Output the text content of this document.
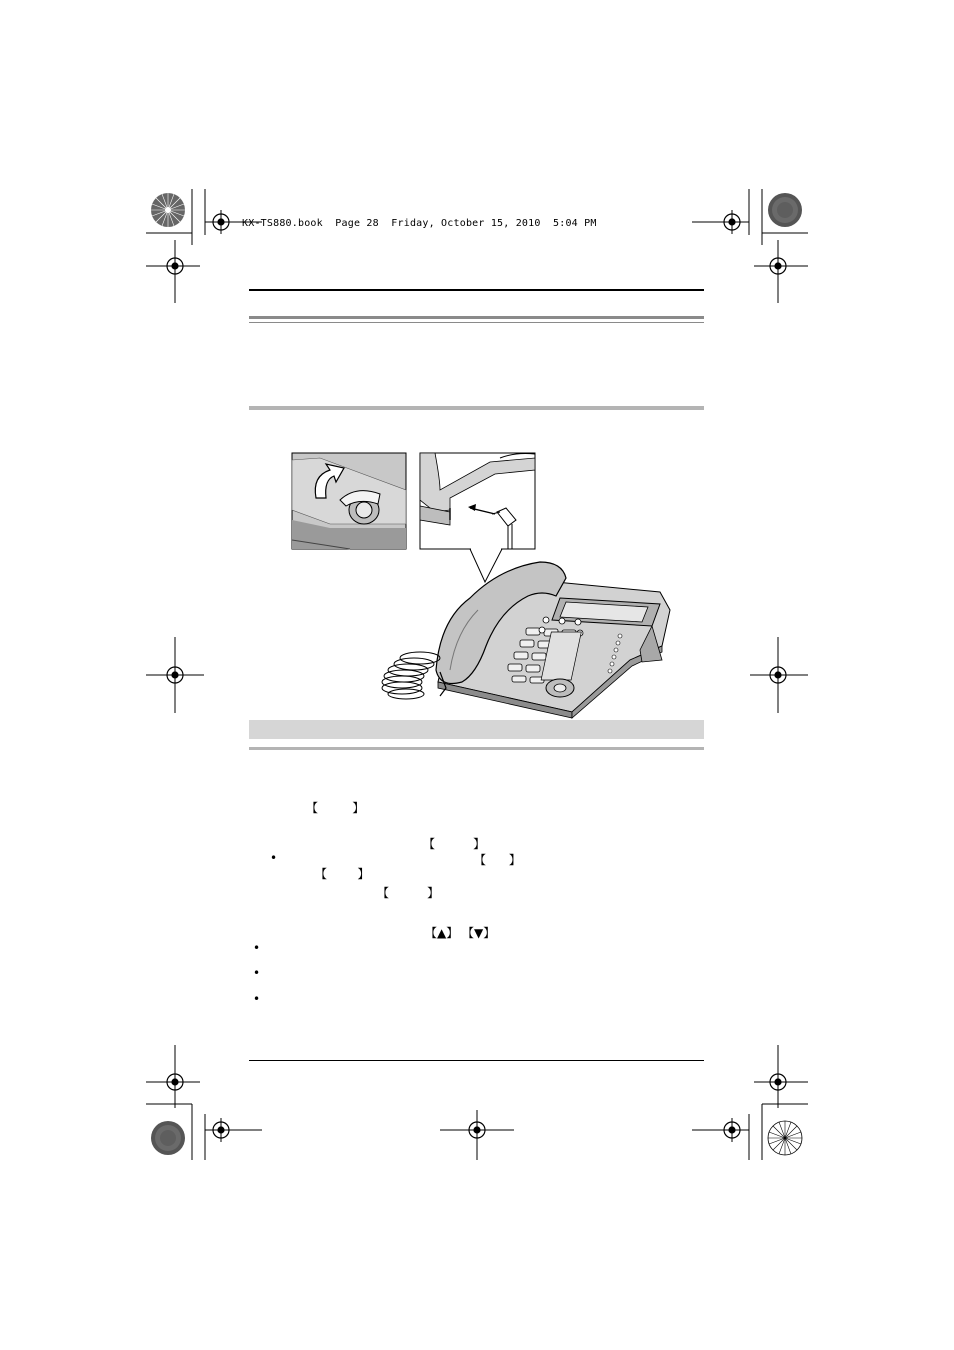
KX-TS880.book  Page 28  Friday, October 15, 2010  5:04 PM
【         】
【          】
•	【      】
【        】
【          】
【▲】 【▼】
•
•
•
